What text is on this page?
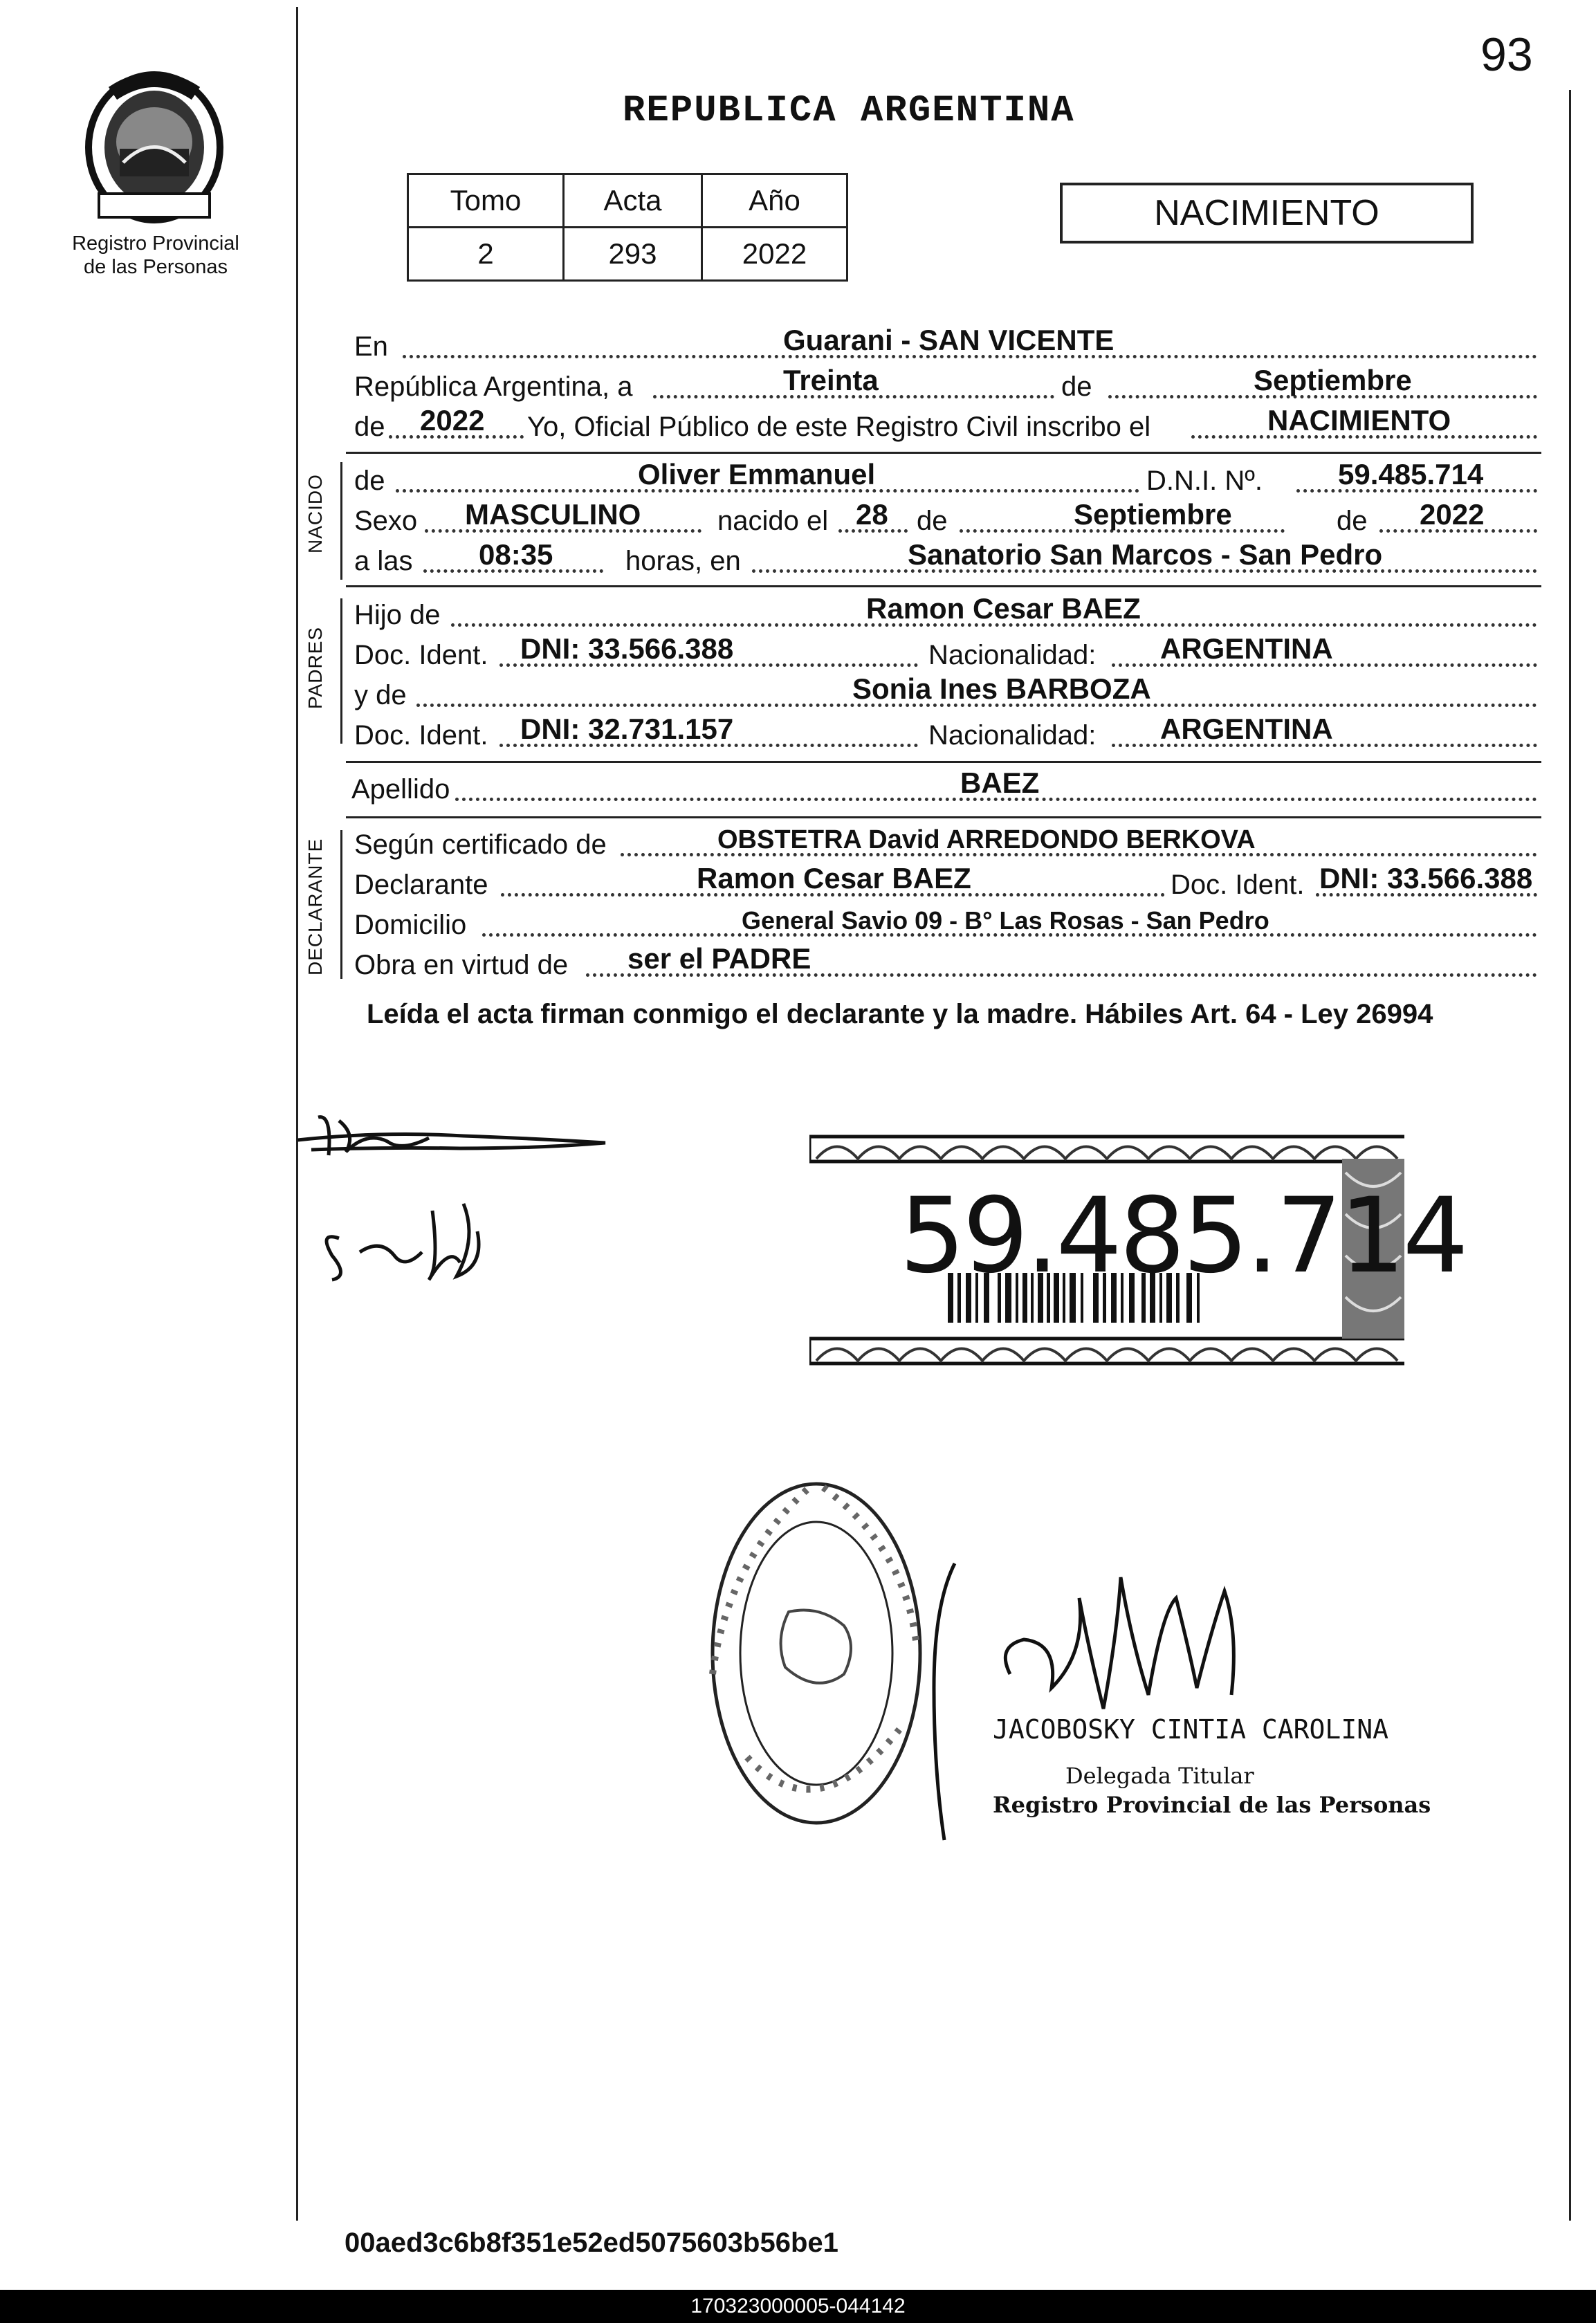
93
Registro Provincial
de las Personas
REPUBLICA ARGENTINA
Tomo	Acta	Año
2	293	2022
NACIMIENTO
En	Guarani - SAN VICENTE
República Argentina, a	Treinta	de	Septiembre
de 2022 Yo, Oficial Público de este Registro Civil inscribo el	NACIMIENTO
NACIDO de	Oliver Emmanuel	D.N.I. Nº.	59.485.714
Sexo MASCULINO	nacido el 28 de	Septiembre	de 2022
a las 08:35	horas, en	Sanatorio San Marcos - San Pedro
PADRES
Hijo de	Ramon Cesar BAEZ
Doc. Ident. DNI: 33.566.388	Nacionalidad: ARGENTINA
y de	Sonia Ines BARBOZA
Doc. Ident. DNI: 32.731.157	Nacionalidad: ARGENTINA
Apellido	BAEZ
DECLARANTE Según certificado de	OBSTETRA David ARREDONDO BERKOVA
Declarante	Ramon Cesar BAEZ	Doc. Ident. DNI: 33.566.388
Domicilio	General Savio 09 - B° Las Rosas - San Pedro
Obra en virtud de ser el PADRE
Leída el acta firman conmigo el declarante y la madre. Hábiles Art. 64 - Ley 26994
59.485.714
JACOBOSKY CINTIA CAROLINA
Delegada Titular
Registro Provincial de las Personas
00aed3c6b8f351e52ed5075603b56be1
170323000005-044142
